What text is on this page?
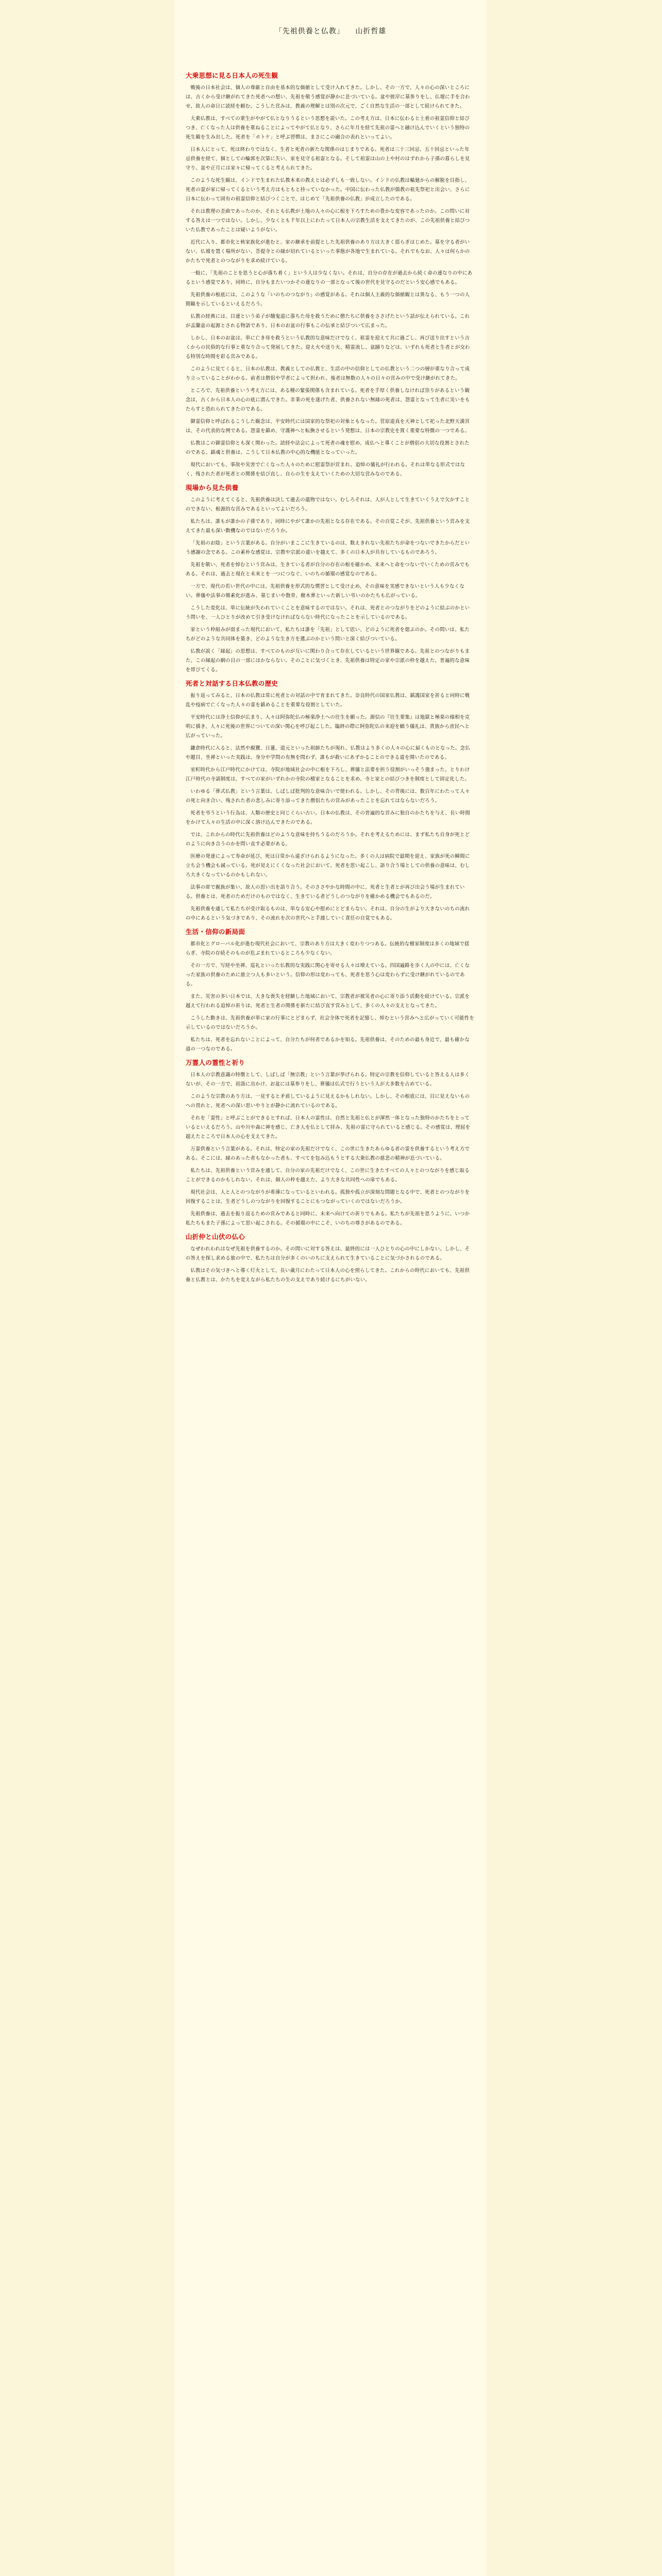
「先祖供養と仏教」 山折哲雄
大乗思想に見る日本人の死生観

戦後の日本社会は、個人の尊厳と自由を基本的な価値として受け入れてきた。しかし、その一方で、人々の心の深いところには、古くから受け継がれてきた死者への想い、先祖を敬う感覚が静かに息づいている。盆や彼岸に墓参りをし、仏壇に手を合わせ、故人の命日に読経を頼む。こうした営みは、教義の理解とは別の次元で、ごく自然な生活の一部として続けられてきた。

大乗仏教は、すべての衆生がやがて仏となりうるという思想を説いた。この考え方は、日本に伝わると土着の祖霊信仰と結びつき、亡くなった人は供養を重ねることによってやがて仏となり、さらに年月を経て先祖の霊へと融け込んでいくという独特の死生観を生み出した。死者を「ホトケ」と呼ぶ習慣は、まさにこの融合の表れといってよい。

日本人にとって、死は終わりではなく、生者と死者の新たな関係のはじまりである。死者は三十三回忌、五十回忌といった年忌供養を経て、個としての輪郭を次第に失い、家を見守る祖霊となる。そして祖霊は山の上や村のはずれから子孫の暮らしを見守り、盆や正月には家々に帰ってくると考えられてきた。

このような死生観は、インドで生まれた仏教本来の教えとは必ずしも一致しない。インドの仏教は輪廻からの解脱を目指し、死者の霊が家に帰ってくるという考え方はもともと持っていなかった。中国に伝わった仏教が儒教の祖先祭祀と出会い、さらに日本に伝わって固有の祖霊信仰と結びつくことで、はじめて「先祖供養の仏教」が成立したのである。

それは教理の歪曲であったのか、それとも仏教が土地の人々の心に根を下ろすための豊かな変容であったのか。この問いに対する答えは一つではない。しかし、少なくとも千年以上にわたって日本人の宗教生活を支えてきたのが、この先祖供養と結びついた仏教であったことは疑いようがない。

近代に入り、都市化と核家族化が進むと、家の継承を前提とした先祖供養のあり方は大きく揺らぎはじめた。墓を守る者がいない、仏壇を置く場所がない、菩提寺との縁が切れているといった事態が各地で生まれている。それでもなお、人々は何らかのかたちで死者とのつながりを求め続けている。

一般に、「先祖のことを思うと心が落ち着く」という人は少なくない。それは、自分の存在が過去から続く命の連なりの中にあるという感覚であり、同時に、自分もまたいつかその連なりの一部となって後の世代を見守るのだという安心感でもある。

先祖供養の根底には、このような「いのちのつながり」の感覚がある。それは個人主義的な価値観とは異なる、もう一つの人間観を示しているといえるだろう。

仏教の経典には、目連という弟子が餓鬼道に落ちた母を救うために僧たちに供養をささげたという話が伝えられている。これが盂蘭盆の起源とされる物語であり、日本のお盆の行事もこの伝承と結びついて広まった。

しかし、日本のお盆は、単に亡き母を救うという仏教的な意味だけでなく、祖霊を迎えて共に過ごし、再び送り出すという古くからの民俗的な行事と重なり合って発展してきた。迎え火や送り火、精霊流し、盆踊りなどは、いずれも死者と生者とが交わる特別な時間を彩る営みである。

このように見てくると、日本の仏教は、教義としての仏教と、生活の中の信仰としての仏教という二つの層が重なり合って成り立っていることがわかる。前者は僧侶や学者によって担われ、後者は無数の人々の日々の営みの中で受け継がれてきた。

ところで、先祖供養という考え方には、ある種の緊張関係も含まれている。死者を手厚く供養しなければ祟りがあるという観念は、古くから日本人の心の底に潜んできた。非業の死を遂げた者、供養されない無縁の死者は、怨霊となって生者に災いをもたらすと恐れられてきたのである。

御霊信仰と呼ばれるこうした観念は、平安時代には国家的な祭祀の対象ともなった。菅原道真を天神として祀った北野天満宮は、その代表的な例である。怨霊を鎮め、守護神へと転換させるという発想は、日本の宗教史を貫く重要な特徴の一つである。

仏教はこの御霊信仰とも深く関わった。読経や法会によって死者の魂を慰め、成仏へと導くことが僧侶の大切な役割とされたのである。鎮魂と供養は、こうして日本仏教の中心的な機能となっていった。

現代においても、事故や災害で亡くなった人々のために慰霊祭が営まれ、追悼の儀礼が行われる。それは単なる形式ではなく、残された者が死者との関係を結び直し、自らの生を支えていくための大切な営みなのである。

現場から見た供養

このように考えてくると、先祖供養は決して過去の遺物ではない。むしろそれは、人が人として生きていくうえで欠かすことのできない、根源的な営みであるといってよいだろう。

私たちは、誰もが誰かの子孫であり、同時にやがて誰かの先祖となる存在である。その自覚こそが、先祖供養という営みを支えてきた最も深い動機なのではないだろうか。

「先祖のお陰」という言葉がある。自分がいまここに生きているのは、数えきれない先祖たちが命をつないできたからだという感謝の念である。この素朴な感覚は、宗教や宗派の違いを越えて、多くの日本人が共有しているものであろう。

先祖を敬い、死者を悼むという営みは、生きている者が自分の存在の根を確かめ、未来へと命をつないでいくための営みでもある。それは、過去と現在と未来とを一つにつなぐ、いのちの循環の感覚なのである。

一方で、現代の若い世代の中には、先祖供養を形式的な慣習として受け止め、その意味を実感できないという人も少なくない。葬儀や法事の簡素化が進み、墓じまいや散骨、樹木葬といった新しい弔いのかたちも広がっている。

こうした変化は、単に伝統が失われていくことを意味するのではない。それは、死者とのつながりをどのように結ぶのかという問いを、一人ひとりが改めて引き受けなければならない時代になったことを示しているのである。

家という枠組みが弱まった現代において、私たちは誰を「先祖」として思い、どのように死者を偲ぶのか。その問いは、私たちがどのような共同体を築き、どのような生き方を選ぶのかという問いと深く結びついている。

仏教が説く「縁起」の思想は、すべてのものが互いに関わり合って存在しているという世界観である。先祖とのつながりもまた、この縁起の網の目の一部にほかならない。そのことに気づくとき、先祖供養は特定の家や宗派の枠を越えた、普遍的な意味を帯びてくる。

死者と対話する日本仏教の歴史

振り返ってみると、日本の仏教は常に死者との対話の中で育まれてきた。奈良時代の国家仏教は、鎮護国家を祈ると同時に戦乱や疫病で亡くなった人々の霊を鎮めることを重要な役割としていた。

平安時代には浄土信仰が広まり、人々は阿弥陀仏の極楽浄土への往生を願った。源信の『往生要集』は地獄と極楽の様相を克明に描き、人々に死後の世界についての深い関心を呼び起こした。臨終の際に阿弥陀仏の来迎を願う儀礼は、貴族から庶民へと広がっていった。

鎌倉時代に入ると、法然や親鸞、日蓮、道元といった祖師たちが現れ、仏教はより多くの人々の心に届くものとなった。念仏や題目、坐禅といった実践は、身分や学問の有無を問わず、誰もが救いにあずかることのできる道を開いたのである。

室町時代から江戸時代にかけては、寺院が地域社会の中に根を下ろし、葬儀と法要を担う役割がいっそう強まった。とりわけ江戸時代の寺請制度は、すべての家がいずれかの寺院の檀家となることを求め、寺と家との結びつきを制度として固定化した。

いわゆる「葬式仏教」という言葉は、しばしば批判的な意味合いで使われる。しかし、その背後には、数百年にわたって人々の死と向き合い、残された者の悲しみに寄り添ってきた僧侶たちの営みがあったことを忘れてはならないだろう。

死者を弔うという行為は、人類の歴史と同じくらい古い。日本の仏教は、その普遍的な営みに独自のかたちを与え、長い時間をかけて人々の生活の中に深く溶け込んできたのである。

では、これからの時代に先祖供養はどのような意味を持ちうるのだろうか。それを考えるためには、まず私たち自身が死とどのように向き合うのかを問い直す必要がある。

医療の発達によって寿命が延び、死は日常から遠ざけられるようになった。多くの人は病院で最期を迎え、家族が死の瞬間に立ち会う機会も減っている。死が見えにくくなった社会において、死者を思い起こし、語り合う場としての供養の意味は、むしろ大きくなっているのかもしれない。

法事の席で親族が集い、故人の思い出を語り合う。そのささやかな時間の中に、死者と生者とが再び出会う場が生まれている。供養とは、死者のためだけのものではなく、生きている者どうしのつながりを確かめる機会でもあるのだ。

先祖供養を通して私たちが受け取るものは、単なる安心や慰めにとどまらない。それは、自分の生がより大きないのちの流れの中にあるという気づきであり、その流れを次の世代へと手渡していく責任の自覚でもある。

生活・信仰の新局面

都市化とグローバル化が進む現代社会において、宗教のあり方は大きく変わりつつある。伝統的な檀家制度は多くの地域で揺らぎ、寺院の存続そのものが危ぶまれているところも少なくない。

その一方で、写経や坐禅、巡礼といった仏教的な実践に関心を寄せる人々は増えている。四国遍路を歩く人の中には、亡くなった家族の供養のために旅立つ人も多いという。信仰の形は変わっても、死者を思う心は変わらずに受け継がれているのである。

また、災害の多い日本では、大きな喪失を経験した地域において、宗教者が被災者の心に寄り添う活動を続けている。宗派を越えて行われる追悼の祈りは、死者と生者の関係を新たに結び直す営みとして、多くの人々の支えとなってきた。

こうした動きは、先祖供養が単に家の行事にとどまらず、社会全体で死者を記憶し、悼むという営みへと広がっていく可能性を示しているのではないだろうか。

私たちは、死者を忘れないことによって、自分たちが何者であるかを知る。先祖供養は、そのための最も身近で、最も確かな道の一つなのである。

万霊人の霊性と祈り

日本人の宗教意識の特徴として、しばしば「無宗教」という言葉が挙げられる。特定の宗教を信仰していると答える人は多くないが、その一方で、初詣に出かけ、お盆には墓参りをし、葬儀は仏式で行うという人が大多数を占めている。

このような宗教のあり方は、一見すると矛盾しているように見えるかもしれない。しかし、その根底には、目に見えないものへの畏れと、死者への深い思いやりとが静かに流れているのである。

それを「霊性」と呼ぶことができるとすれば、日本人の霊性は、自然と先祖と仏とが渾然一体となった独特のかたちをとっているといえるだろう。山や川や森に神を感じ、亡き人を仏として拝み、先祖の霊に守られていると感じる。その感覚は、理屈を超えたところで日本人の心を支えてきた。

万霊供養という言葉がある。それは、特定の家の先祖だけでなく、この世に生きたあらゆる者の霊を供養するという考え方である。そこには、縁のあった者もなかった者も、すべてを包み込もうとする大乗仏教の慈悲の精神が息づいている。

私たちは、先祖供養という営みを通して、自分の家の先祖だけでなく、この世に生きたすべての人々とのつながりを感じ取ることができるのかもしれない。それは、個人の枠を越えた、より大きな共同性への扉でもある。

現代社会は、人と人とのつながりが希薄になっているといわれる。孤独や孤立が深刻な問題となる中で、死者とのつながりを回復することは、生者どうしのつながりを回復することにもつながっていくのではないだろうか。

先祖供養は、過去を振り返るための営みであると同時に、未来へ向けての祈りでもある。私たちが先祖を思うように、いつか私たちもまた子孫によって思い起こされる。その循環の中にこそ、いのちの尊さがあるのである。

山折仲と山伏の仏心

なぜわれわれはなぜ先祖を供養するのか。その問いに対する答えは、最終的には一人ひとりの心の中にしかない。しかし、その答えを探し求める旅の中で、私たちは自分が多くのいのちに支えられて生きていることに気づかされるのである。

仏教はその気づきへと導く灯火として、長い歳月にわたって日本人の心を照らしてきた。これからの時代においても、先祖供養と仏教とは、かたちを変えながら私たちの生の支えであり続けるにちがいない。
